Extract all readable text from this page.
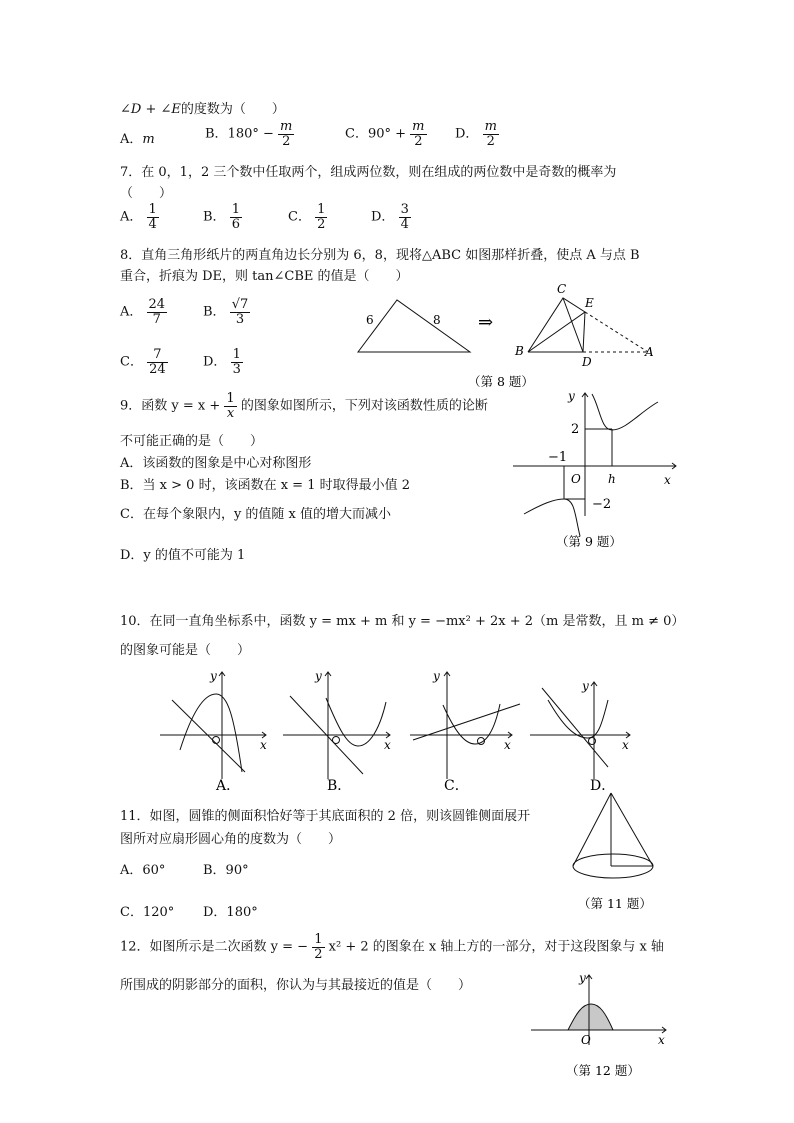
∠D + ∠E的度数为（　　）
A．m	B．$180^\circ - \frac{m}{2}$	C．$90^\circ + \frac{m}{2}$ D． $\frac{m}{2}$
7．在 0，1，2 三个数中任取两个，组成两位数，则在组成的两位数中是奇数的概率为
（　　）
A． $\frac{1}{4}$	B． $\frac{1}{6}$	C． $\frac{1}{2}$	D． $\frac{3}{4}$
8．直角三角形纸片的两直角边长分别为 6，8，现将△ABC 如图那样折叠，使点 A 与点 B
重合，折痕为 DE，则 tan∠CBE 的值是（　　）
A． $\frac{24}{7}$	B． $\frac{√7}{3}$
C． $\frac{7}{24}$	D． $\frac{1}{3}$
6	8 ⇒
C
E
B
D
A
（第 8 题）
9．函数 $y = x + \frac{1}{x}$ 的图象如图所示，下列对该函数性质的论断
不可能正确的是（　　）
A．该函数的图象是中心对称图形
B．当 x > 0 时，该函数在 x = 1 时取得最小值 2
C．在每个象限内，y 的值随 x 值的增大而减小
D．y 的值不可能为 1
y
x
O
2
−1
h
−2
（第 9 题）
10．在同一直角坐标系中，函数 y = mx + m 和 y = −mx² + 2x + 2（m 是常数，且 m ≠ 0）
的图象可能是（　　）
y
x
A．
y
x
B．
y
x
C．
y
x
D．
11．如图，圆锥的侧面积恰好等于其底面积的 2 倍，则该圆锥侧面展开
图所对应扇形圆心角的度数为（　　）
A．60°	B．90°
C．120° D．180°
（第 11 题）
12．如图所示是二次函数 y = − $\frac{1}{2} x^2 + 2$ 的图象在 x 轴上方的一部分，对于这段图象与 x 轴
所围成的阴影部分的面积，你认为与其最接近的值是（　　）	y
x
O
（第 12 题）
